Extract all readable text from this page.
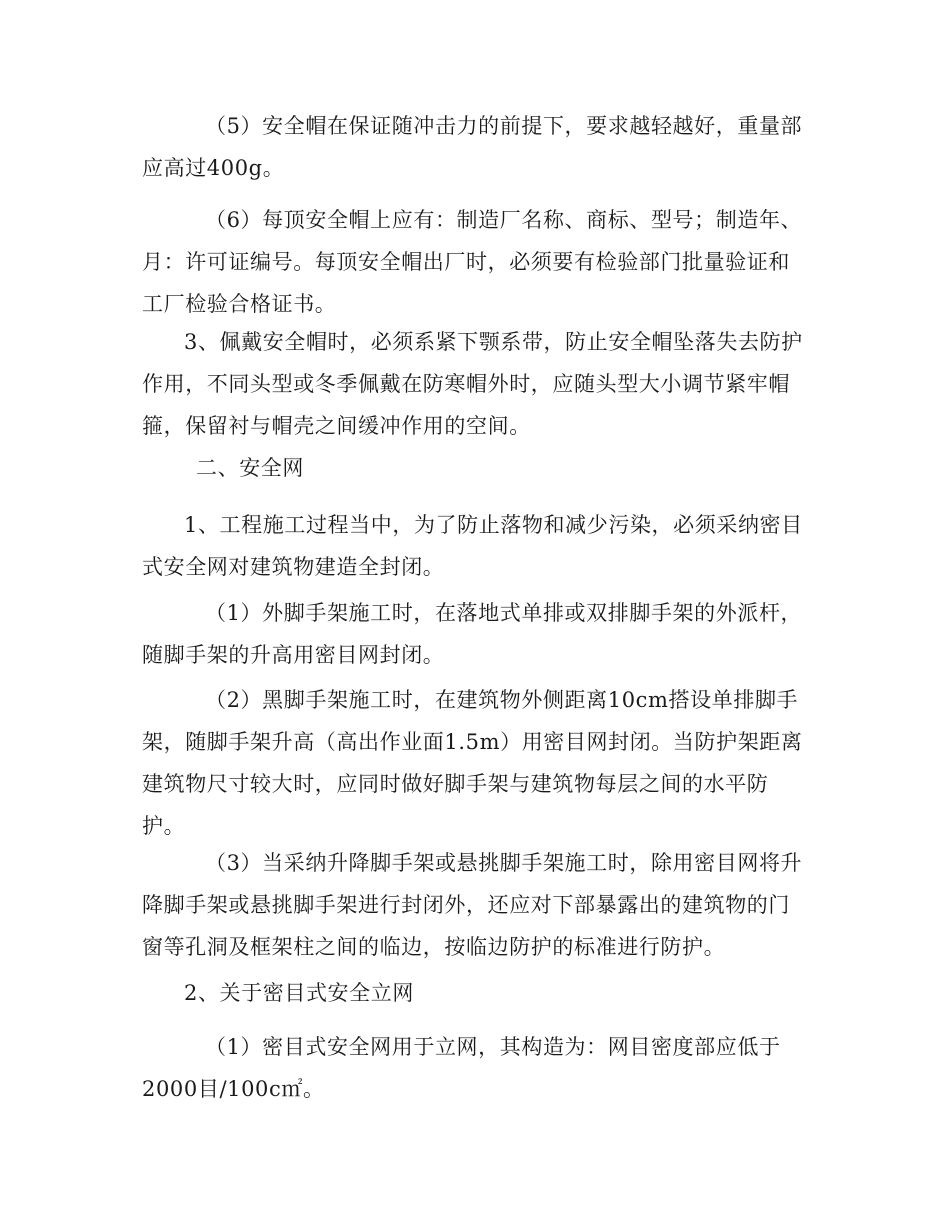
（5）安全帽在保证随冲击力的前提下，要求越轻越好，重量部
应高过400g。

（6）每顶安全帽上应有：制造厂名称、商标、型号；制造年、
月：许可证编号。每顶安全帽出厂时，必须要有检验部门批量验证和
工厂检验合格证书。

3、佩戴安全帽时，必须系紧下颚系带，防止安全帽坠落失去防护
作用，不同头型或冬季佩戴在防寒帽外时，应随头型大小调节紧牢帽
箍，保留衬与帽壳之间缓冲作用的空间。

二、安全网

1、工程施工过程当中，为了防止落物和减少污染，必须采纳密目
式安全网对建筑物建造全封闭。

（1）外脚手架施工时，在落地式单排或双排脚手架的外派杆，
随脚手架的升高用密目网封闭。

（2）黑脚手架施工时，在建筑物外侧距离10cm搭设单排脚手
架，随脚手架升高（高出作业面1.5m）用密目网封闭。当防护架距离
建筑物尺寸较大时，应同时做好脚手架与建筑物每层之间的水平防
护。

（3）当采纳升降脚手架或悬挑脚手架施工时，除用密目网将升
降脚手架或悬挑脚手架进行封闭外，还应对下部暴露出的建筑物的门
窗等孔洞及框架柱之间的临边，按临边防护的标准进行防护。

2、关于密目式安全立网

（1）密目式安全网用于立网，其构造为：网目密度部应低于
2000目/100c㎡。
